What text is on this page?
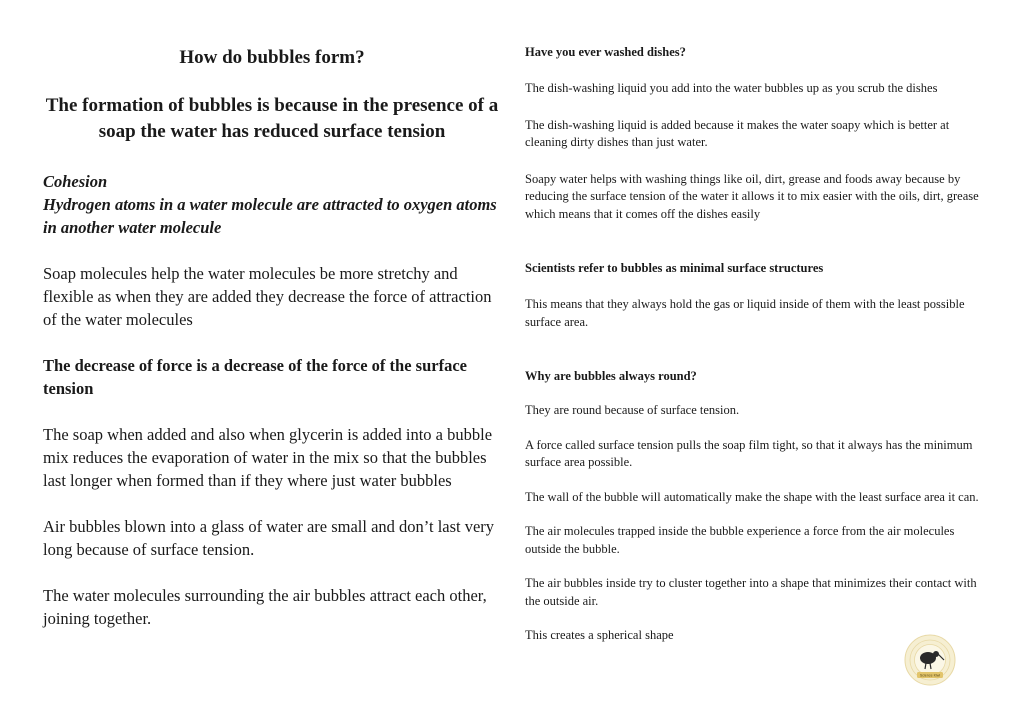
How do bubbles form?
The formation of bubbles is because in the presence of a soap the water has reduced surface tension
Cohesion
Hydrogen atoms in a water molecule are attracted to oxygen atoms in another water molecule

Soap molecules help the water molecules be more stretchy and flexible as when they are added they decrease the force of attraction of the water molecules

The decrease of force is a decrease of the force of the surface tension

The soap when added and also when glycerin is added into a bubble mix reduces the evaporation of water in the mix so that the bubbles last longer when formed than if they where just water bubbles

Air bubbles blown into a glass of water are small and don’t last very long because of surface tension.

The water molecules surrounding the air bubbles attract each other, joining together.

Have you ever washed dishes?

The dish-washing liquid you add into the water bubbles up as you scrub the dishes

The dish-washing liquid is added because it makes the water soapy which is better at cleaning dirty dishes than just water.

Soapy water helps with washing things like oil, dirt, grease and foods away because by reducing the surface tension of the water it allows it to mix easier with the oils, dirt, grease which means that it comes off the dishes easily

Scientists refer to bubbles as minimal surface structures

This means that they always hold the gas or liquid inside of them with the least possible surface area.

Why are bubbles always round?

They are round because of surface tension.

A force called surface tension pulls the soap film tight, so that it always has the minimum surface area possible.

The wall of the bubble will automatically make the shape with the least surface area it can.

The air molecules trapped inside the bubble experience a force from the air molecules outside the bubble.

The air bubbles inside try to cluster together into a shape that minimizes their contact with the outside air.

This creates a spherical shape

Science Kiwi
